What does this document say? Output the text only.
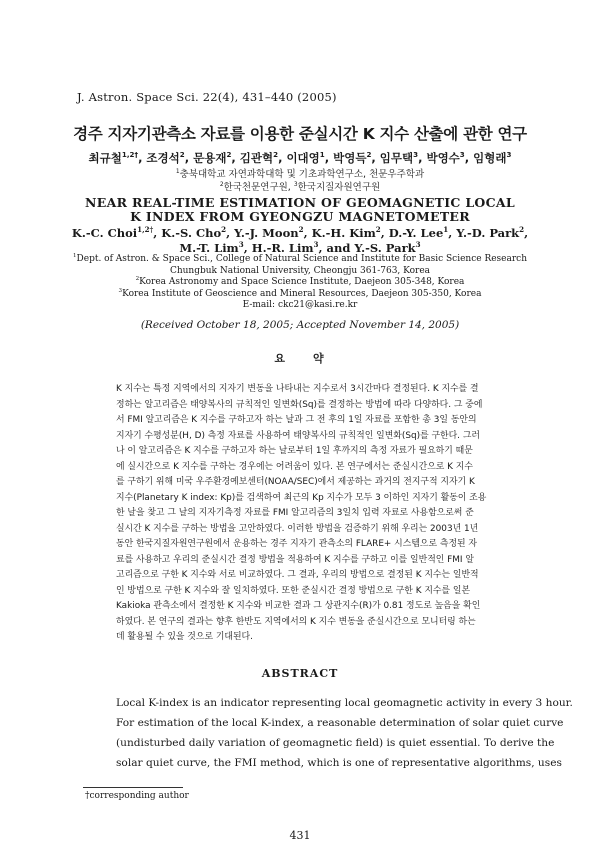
J. Astron. Space Sci. 22(4), 431–440 (2005)
경주 지자기관측소 자료를 이용한 준실시간 K 지수 산출에 관한 연구
최규철$^{1,2\dagger}$, 조경석$^2$, 문용재$^2$, 김관혁$^2$, 이대영$^1$, 박영득$^2$, 임무택$^3$, 박영수$^3$, 임형래$^3$
$^1$충북대학교 자연과학대학 및 기초과학연구소, 천문우주학과
$^2$한국천문연구원, $^3$한국지질자원연구원
NEAR REAL-TIME ESTIMATION OF GEOMAGNETIC LOCAL
K INDEX FROM GYEONGZU MAGNETOMETER
K.-C. Choi$^{1,2\dagger}$, K.-S. Cho$^2$, Y.-J. Moon$^2$, K.-H. Kim$^2$, D.-Y. Lee$^1$, Y.-D. Park$^2$,
M.-T. Lim$^3$, H.-R. Lim$^3$, and Y.-S. Park$^3$
$^1$Dept. of Astron. & Space Sci., College of Natural Science and Institute for Basic Science Research
Chungbuk National University, Cheongju 361-763, Korea
$^2$Korea Astronomy and Space Science Institute, Daejeon 305-348, Korea
$^3$Korea Institute of Geoscience and Mineral Resources, Daejeon 305-350, Korea
E-mail: ckc21@kasi.re.kr
(Received October 18, 2005; Accepted November 14, 2005)
요　　약
K 지수는 특정 지역에서의 지자기 변동을 나타내는 지수로서 3시간마다 결정된다. K 지수를 결
정하는 알고리즘은 태양복사의 규칙적인 일변화(Sq)를 결정하는 방법에 따라 다양하다. 그 중에
서 FMI 알고리즘은 K 지수를 구하고자 하는 날과 그 전 후의 1일 자료를 포함한 총 3일 동안의
지자기 수평성분(H, D) 측정 자료를 사용하여 태양복사의 규칙적인 일변화(Sq)를 구한다. 그러
나 이 알고리즘은 K 지수를 구하고자 하는 날로부터 1일 후까지의 측정 자료가 필요하기 때문
에 실시간으로 K 지수를 구하는 경우에는 어려움이 있다. 본 연구에서는 준실시간으로 K 지수
를 구하기 위해 미국 우주환경예보센터(NOAA/SEC)에서 제공하는 과거의 전지구적 지자기 K
지수(Planetary K index: Kp)를 검색하여 최근의 Kp 지수가 모두 3 이하인 지자기 활동이 조용
한 날을 찾고 그 날의 지자기측정 자료를 FMI 알고리즘의 3일치 입력 자료로 사용함으로써 준
실시간 K 지수를 구하는 방법을 고안하였다. 이러한 방법을 검증하기 위해 우리는 2003년 1년
동안 한국지질자원연구원에서 운용하는 경주 지자기 관측소의 FLARE+ 시스템으로 측정된 자
료를 사용하고 우리의 준실시간 결정 방법을 적용하여 K 지수를 구하고 이를 일반적인 FMI 알
고리즘으로 구한 K 지수와 서로 비교하였다. 그 결과, 우리의 방법으로 결정된 K 지수는 일반적
인 방법으로 구한 K 지수와 잘 일치하였다. 또한 준실시간 결정 방법으로 구한 K 지수를 일본
Kakioka 관측소에서 결정한 K 지수와 비교한 결과 그 상관지수(R)가 0.81 정도로 높음을 확인
하였다. 본 연구의 결과는 향후 한반도 지역에서의 K 지수 변동을 준실시간으로 모니터링 하는
데 활용될 수 있을 것으로 기대된다.
ABSTRACT
Local K-index is an indicator representing local geomagnetic activity in every 3 hour.
For estimation of the local K-index, a reasonable determination of solar quiet curve
(undisturbed daily variation of geomagnetic field) is quiet essential. To derive the
solar quiet curve, the FMI method, which is one of representative algorithms, uses
†corresponding author
431
